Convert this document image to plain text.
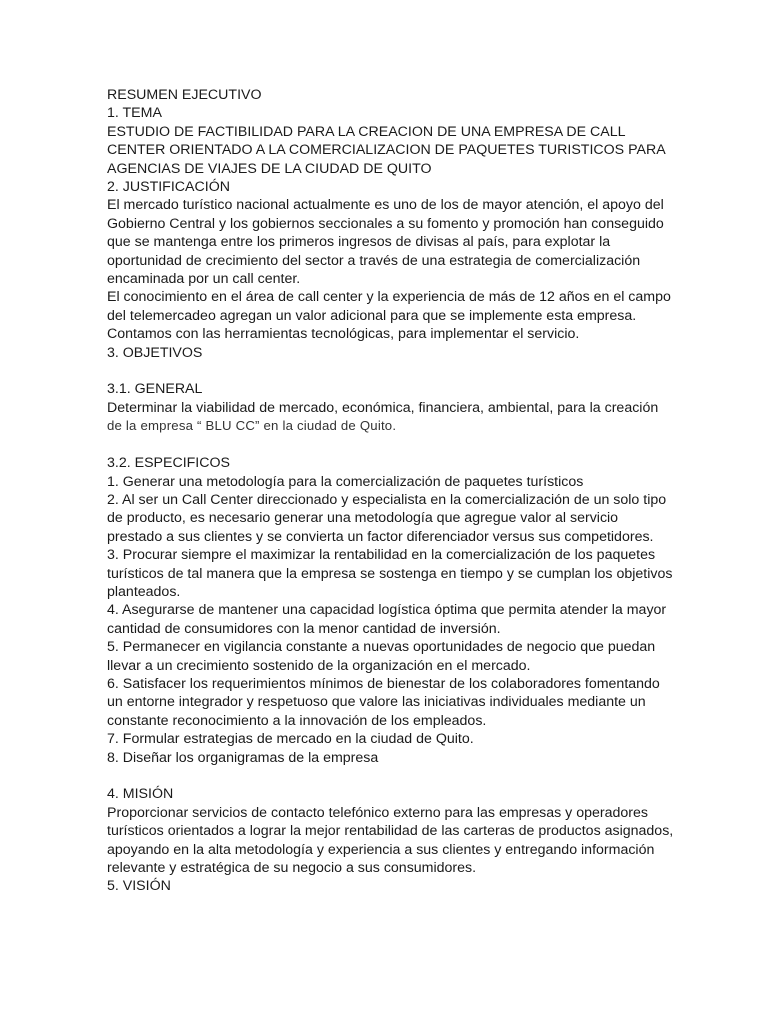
RESUMEN EJECUTIVO
1. TEMA
ESTUDIO DE FACTIBILIDAD PARA LA CREACION DE UNA EMPRESA DE CALL
CENTER ORIENTADO A LA COMERCIALIZACION DE PAQUETES TURISTICOS PARA
AGENCIAS DE VIAJES DE LA CIUDAD DE QUITO
2. JUSTIFICACIÓN
El mercado turístico nacional actualmente es uno de los de mayor atención, el apoyo del
Gobierno Central y los gobiernos seccionales a su fomento y promoción han conseguido
que se mantenga entre los primeros ingresos de divisas al país, para explotar la
oportunidad de crecimiento del sector a través de una estrategia de comercialización
encaminada por un call center.
El conocimiento en el área de call center y la experiencia de más de 12 años en el campo
del telemercadeo agregan un valor adicional para que se implemente esta empresa.
Contamos con las herramientas tecnológicas, para implementar el servicio.
3. OBJETIVOS
3.1. GENERAL
Determinar la viabilidad de mercado, económica, financiera, ambiental, para la creación
de la empresa “ BLU CC” en la ciudad de Quito.
3.2. ESPECIFICOS
1. Generar una metodología para la comercialización de paquetes turísticos
2. Al ser un Call Center direccionado y especialista en la comercialización de un solo tipo
de producto, es necesario generar una metodología que agregue valor al servicio
prestado a sus clientes y se convierta un factor diferenciador versus sus competidores.
3. Procurar siempre el maximizar la rentabilidad en la comercialización de los paquetes
turísticos de tal manera que la empresa se sostenga en tiempo y se cumplan los objetivos
planteados.
4. Asegurarse de mantener una capacidad logística óptima que permita atender la mayor
cantidad de consumidores con la menor cantidad de inversión.
5. Permanecer en vigilancia constante a nuevas oportunidades de negocio que puedan
llevar a un crecimiento sostenido de la organización en el mercado.
6. Satisfacer los requerimientos mínimos de bienestar de los colaboradores fomentando
un entorne integrador y respetuoso que valore las iniciativas individuales mediante un
constante reconocimiento a la innovación de los empleados.
7. Formular estrategias de mercado en la ciudad de Quito.
8. Diseñar los organigramas de la empresa
4. MISIÓN
Proporcionar servicios de contacto telefónico externo para las empresas y operadores
turísticos orientados a lograr la mejor rentabilidad de las carteras de productos asignados,
apoyando en la alta metodología y experiencia a sus clientes y entregando información
relevante y estratégica de su negocio a sus consumidores.
5. VISIÓN
